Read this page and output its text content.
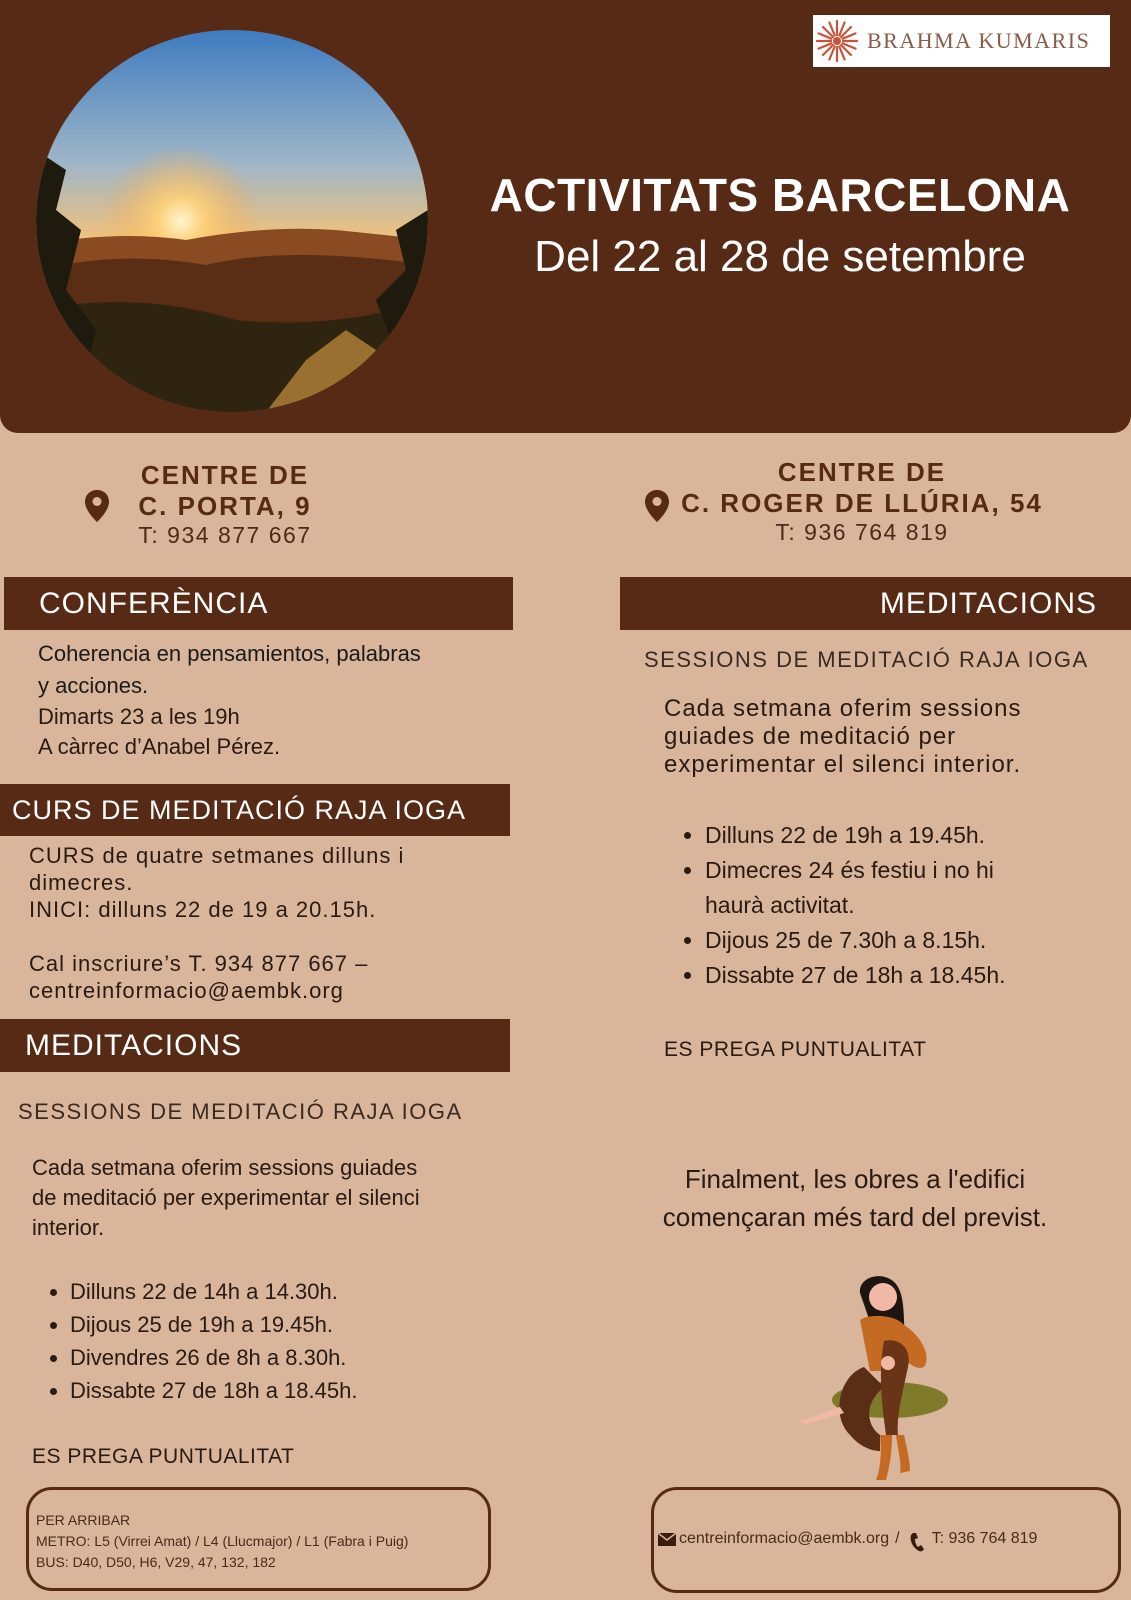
BRAHMA KUMARIS
ACTIVITATS BARCELONA
Del 22 al 28 de setembre
CENTRE DE
C. PORTA, 9
T: 934 877 667
CENTRE DE
C. ROGER DE LLÚRIA, 54
T: 936 764 819
CONFERÈNCIA
Coherencia en pensamientos, palabras
y acciones.
Dimarts 23 a les 19h
A càrrec d’Anabel Pérez.
CURS DE MEDITACIÓ RAJA IOGA
CURS de quatre setmanes dilluns i
dimecres.
INICI: dilluns 22 de 19 a 20.15h.
Cal inscriure’s T. 934 877 667 –
centreinformacio@aembk.org
MEDITACIONS
SESSIONS DE MEDITACIÓ RAJA IOGA
Cada setmana oferim sessions guiades
de meditació per experimentar el silenci
interior.
• Dilluns 22 de 14h a 14.30h.
• Dijous 25 de 19h a 19.45h.
• Divendres 26 de 8h a 8.30h.
• Dissabte 27 de 18h a 18.45h.
ES PREGA PUNTUALITAT
PER ARRIBAR
METRO: L5 (Virrei Amat) / L4 (Llucmajor) / L1 (Fabra i Puig)
BUS: D40, D50, H6, V29, 47, 132, 182
MEDITACIONS
SESSIONS DE MEDITACIÓ RAJA IOGA
Cada setmana oferim sessions
guiades de meditació per
experimentar el silenci interior.
• Dilluns 22 de 19h a 19.45h.
• Dimecres 24 és festiu i no hi
haurà activitat.
• Dijous 25 de 7.30h a 8.15h.
• Dissabte 27 de 18h a 18.45h.
ES PREGA PUNTUALITAT
Finalment, les obres a l'edifici
començaran més tard del previst.
centreinformacio@aembk.org / T: 936 764 819
